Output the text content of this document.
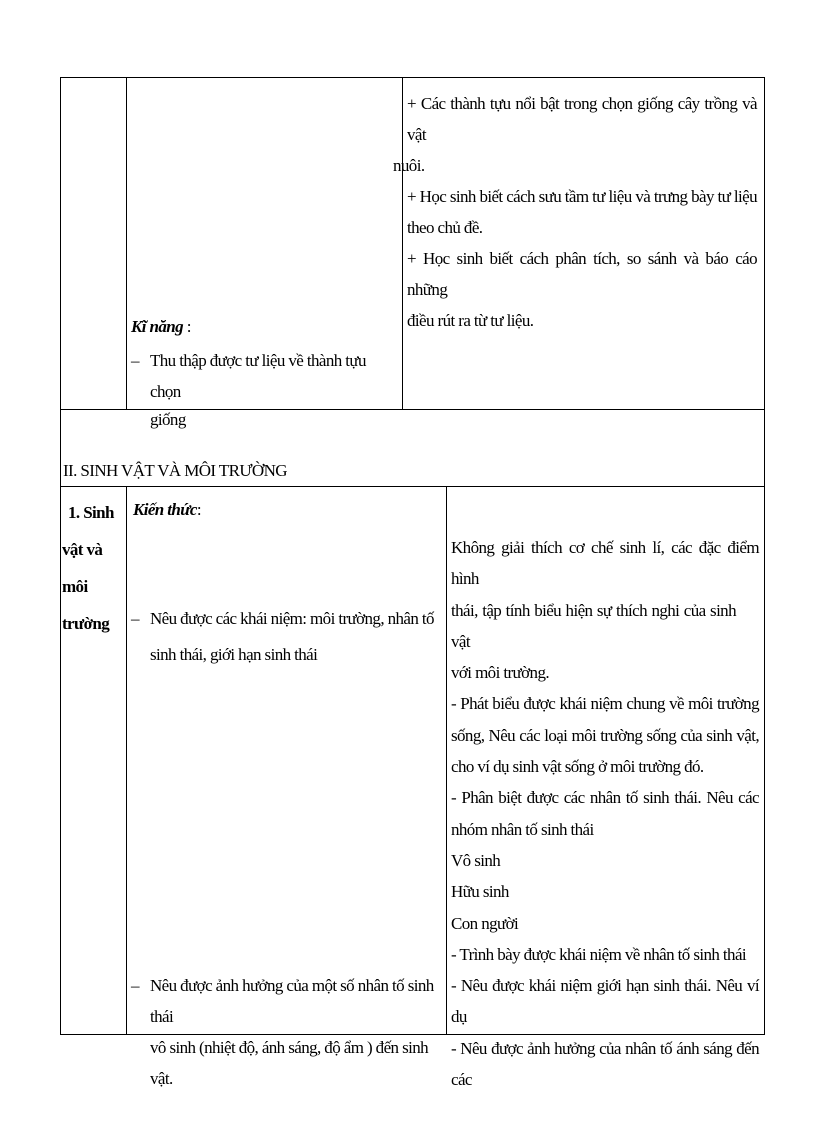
+ Các thành tựu nổi bật trong chọn giống cây trồng và vật
nuôi.
+ Học sinh biết cách sưu tầm tư liệu và trưng bày tư liệu
theo chủ đề.
+ Học sinh biết cách phân tích, so sánh và báo cáo những
điều rút ra từ tư liệu.
Kĩ năng :
– Thu thập được tư liệu về thành tựu chọn
giống
II. SINH VẬT VÀ MÔI TRƯỜNG
1. Sinh
vật và
môi
trường
Kiến thức:
– Nêu được các khái niệm: môi trường, nhân tố
sinh thái, giới hạn sinh thái
– Nêu được ảnh hưởng của một số nhân tố sinh thái
vô sinh (nhiệt độ, ánh sáng, độ ẩm ) đến sinh vật.
Không giải thích cơ chế sinh lí, các đặc điểm hình
thái, tập tính biểu hiện sự thích nghi của sinh vật
với môi trường.
- Phát biểu được khái niệm chung về môi trường
sống, Nêu các loại môi trường sống của sinh vật,
cho ví dụ sinh vật sống ở môi trường đó.
- Phân biệt được các nhân tố sinh thái. Nêu các
nhóm nhân tố sinh thái
Vô sinh
Hữu sinh
Con người
- Trình bày được khái niệm về nhân tố sinh thái
- Nêu được khái niệm giới hạn sinh thái. Nêu ví dụ
- Nêu được ảnh hưởng của nhân tố ánh sáng đến các
